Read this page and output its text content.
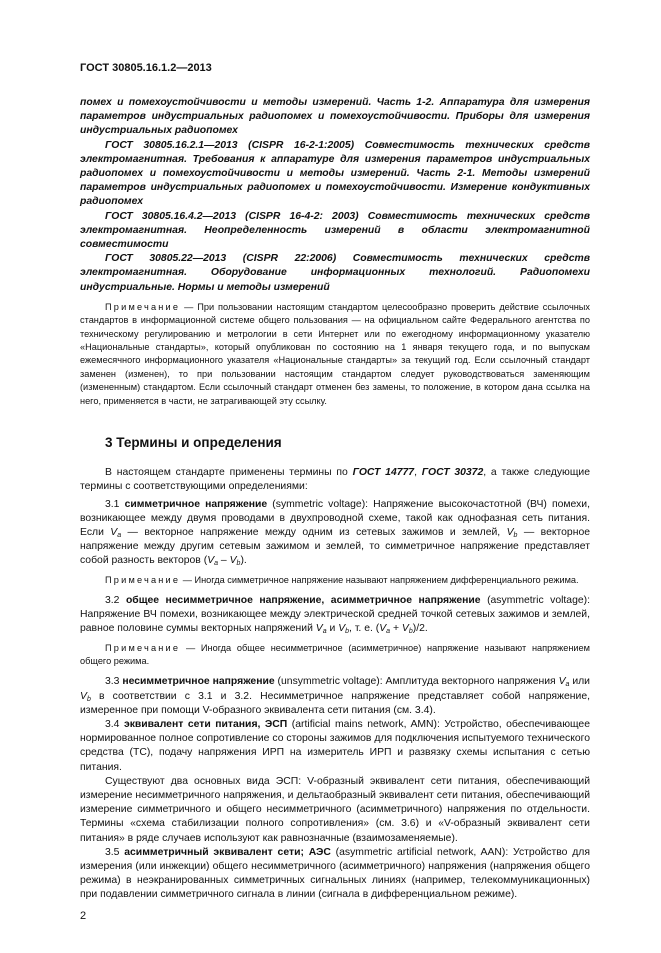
ГОСТ 30805.16.1.2—2013

помех и помехоустойчивости и методы измерений. Часть 1-2. Аппаратура для измерения параметров индустриальных радиопомех и помехоустойчивости. Приборы для измерения индустриальных радиопомех

ГОСТ 30805.16.2.1—2013 (CISPR 16-2-1:2005) Совместимость технических средств электромагнитная. Требования к аппаратуре для измерения параметров индустриальных радиопомех и помехоустойчивости и методы измерений. Часть 2-1. Методы измерений параметров индустриальных радиопомех и помехоустойчивости. Измерение кондуктивных радиопомех

ГОСТ 30805.16.4.2—2013 (CISPR 16-4-2: 2003) Совместимость технических средств электромагнитная. Неопределенность измерений в области электромагнитной совместимости

ГОСТ 30805.22—2013 (CISPR 22:2006) Совместимость технических средств электромагнитная. Оборудование информационных технологий. Радиопомехи индустриальные. Нормы и методы измерений

Примечание — При пользовании настоящим стандартом целесообразно проверить действие ссылочных стандартов в информационной системе общего пользования — на официальном сайте Федерального агентства по техническому регулированию и метрологии в сети Интернет или по ежегодному информационному указателю «Национальные стандарты», который опубликован по состоянию на 1 января текущего года, и по выпускам ежемесячного информационного указателя «Национальные стандарты» за текущий год. Если ссылочный стандарт заменен (изменен), то при пользовании настоящим стандартом следует руководствоваться заменяющим (измененным) стандартом. Если ссылочный стандарт отменен без замены, то положение, в котором дана ссылка на него, применяется в части, не затрагивающей эту ссылку.

3 Термины и определения

В настоящем стандарте применены термины по ГОСТ 14777, ГОСТ 30372, а также следующие термины с соответствующими определениями:

3.1 симметричное напряжение (symmetric voltage): Напряжение высокочастотной (ВЧ) помехи, возникающее между двумя проводами в двухпроводной схеме, такой как однофазная сеть питания. Если $V_a$ — векторное напряжение между одним из сетевых зажимов и землей, $V_b$ — векторное напряжение между другим сетевым зажимом и землей, то симметричное напряжение представляет собой разность векторов $(V_a - V_b)$.

Примечание — Иногда симметричное напряжение называют напряжением дифференциального режима.

3.2 общее несимметричное напряжение, асимметричное напряжение (asymmetric voltage): Напряжение ВЧ помехи, возникающее между электрической средней точкой сетевых зажимов и землей, равное половине суммы векторных напряжений $V_a$ и $V_b$, т. е. $(V_a + V_b)/2$.

Примечание — Иногда общее несимметричное (асимметричное) напряжение называют напряжением общего режима.

3.3 несимметричное напряжение (unsymmetric voltage): Амплитуда векторного напряжения $V_a$ или $V_b$ в соответствии с 3.1 и 3.2. Несимметричное напряжение представляет собой напряжение, измеренное при помощи V-образного эквивалента сети питания (см. 3.4).

3.4 эквивалент сети питания, ЭСП (artificial mains network, AMN): Устройство, обеспечивающее нормированное полное сопротивление со стороны зажимов для подключения испытуемого технического средства (ТС), подачу напряжения ИРП на измеритель ИРП и развязку схемы испытания с сетью питания.

Существуют два основных вида ЭСП: V-образный эквивалент сети питания, обеспечивающий измерение несимметричного напряжения, и дельтаобразный эквивалент сети питания, обеспечивающий измерение симметричного и общего несимметричного (асимметричного) напряжения по отдельности. Термины «схема стабилизации полного сопротивления» (см. 3.6) и «V-образный эквивалент сети питания» в ряде случаев используют как равнозначные (взаимозаменяемые).

3.5 асимметричный эквивалент сети; АЭС (asymmetric artificial network, AAN): Устройство для измерения (или инжекции) общего несимметричного (асимметричного) напряжения (напряжения общего режима) в неэкранированных симметричных сигнальных линиях (например, телекоммуникационных) при подавлении симметричного сигнала в линии (сигнала в дифференциальном режиме).

2
